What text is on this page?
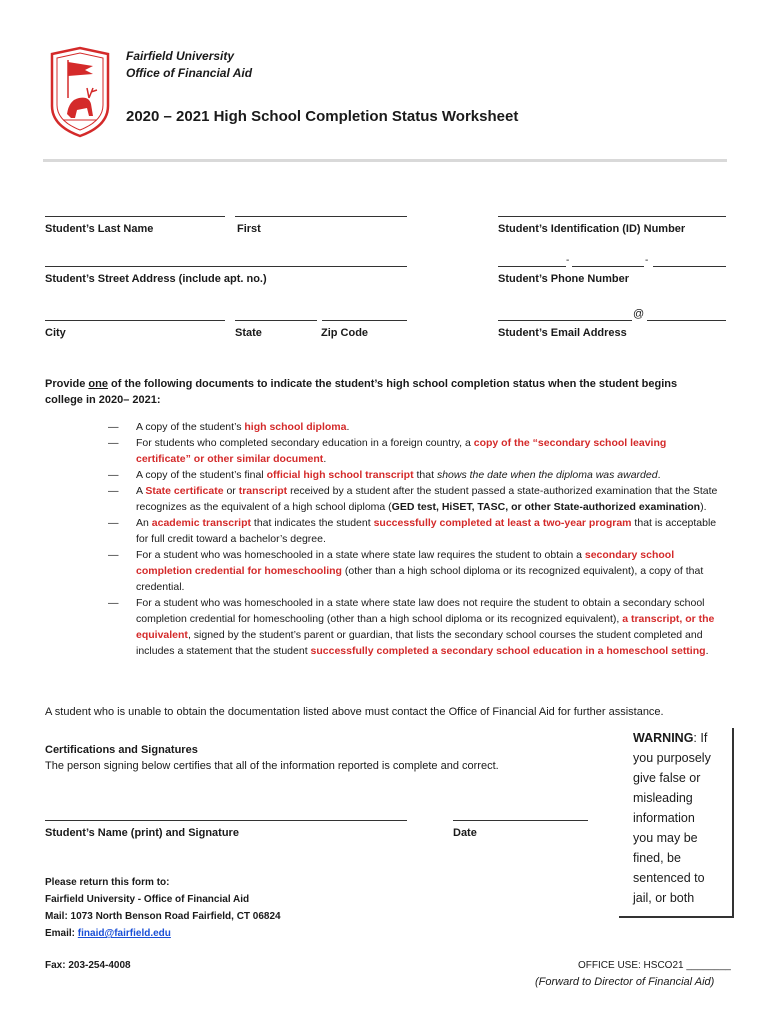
Fairfield University
Office of Financial Aid
2020 – 2021 High School Completion Status Worksheet
Student’s Last Name	First	Student’s Identification (ID) Number
-	-
Student’s Street Address (include apt. no.)	Student’s Phone Number
@
City	State	Zip Code	Student’s Email Address
Provide one of the following documents to indicate the student’s high school completion status when the student begins college in 2020– 2021:
— A copy of the student’s high school diploma.
— For students who completed secondary education in a foreign country, a copy of the “secondary school leaving certificate” or other similar document.
— A copy of the student’s final official high school transcript that shows the date when the diploma was awarded.
— A State certificate or transcript received by a student after the student passed a state-authorized examination that the State recognizes as the equivalent of a high school diploma (GED test, HiSET, TASC, or other State-authorized examination).
— An academic transcript that indicates the student successfully completed at least a two-year program that is acceptable for full credit toward a bachelor’s degree.
— For a student who was homeschooled in a state where state law requires the student to obtain a secondary school completion credential for homeschooling (other than a high school diploma or its recognized equivalent), a copy of that credential.
— For a student who was homeschooled in a state where state law does not require the student to obtain a secondary school completion credential for homeschooling (other than a high school diploma or its recognized equivalent), a transcript, or the equivalent, signed by the student’s parent or guardian, that lists the secondary school courses the student completed and includes a statement that the student successfully completed a secondary school education in a homeschool setting.
A student who is unable to obtain the documentation listed above must contact the Office of Financial Aid for further assistance.
Certifications and Signatures
The person signing below certifies that all of the information reported is complete and correct.
WARNING: If
you purposely
give false or
misleading
information
you may be
fined, be
sentenced to
jail, or both
Student’s Name (print) and Signature	Date
Please return this form to:
Fairfield University - Office of Financial Aid
Mail: 1073 North Benson Road Fairfield, CT 06824
Email: finaid@fairfield.edu
Fax: 203-254-4008	OFFICE USE: HSCO21 ________
(Forward to Director of Financial Aid)
